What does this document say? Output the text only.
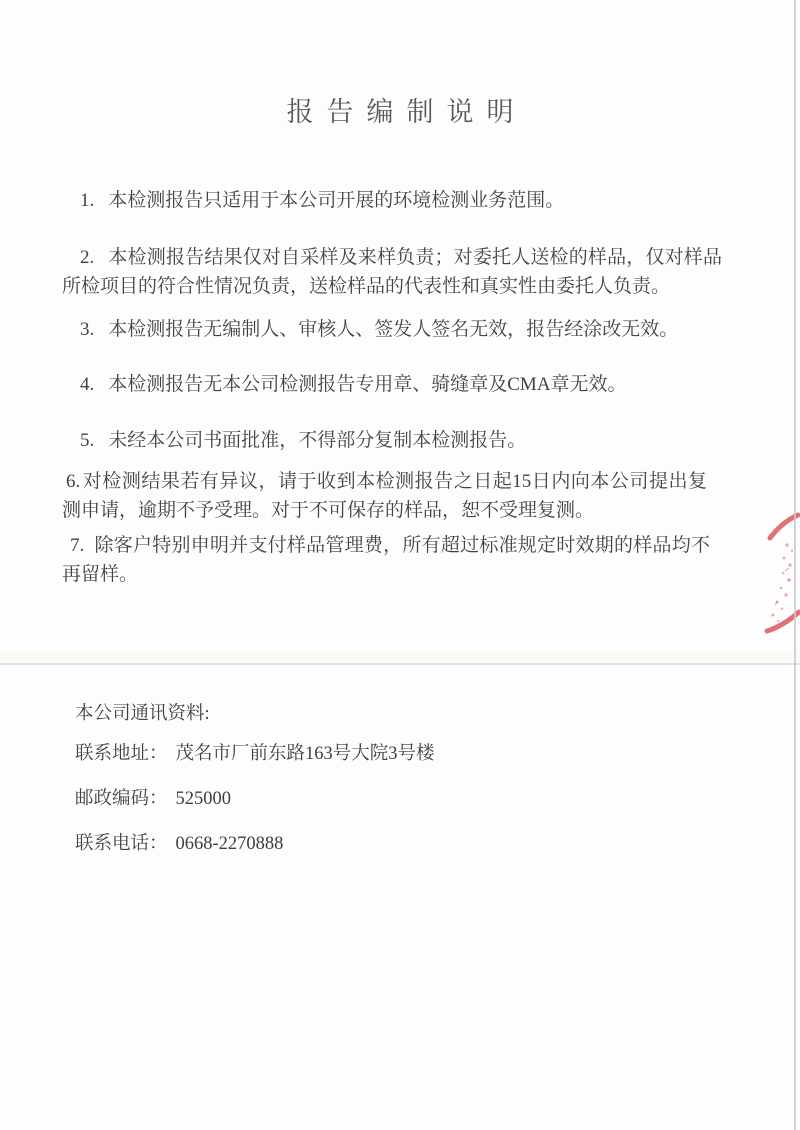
报告编制说明
1. 本检测报告只适用于本公司开展的环境检测业务范围。
2. 本检测报告结果仅对自采样及来样负责；对委托人送检的样品，仅对样品所检项目的符合性情况负责，送检样品的代表性和真实性由委托人负责。
3. 本检测报告无编制人、审核人、签发人签名无效，报告经涂改无效。
4. 本检测报告无本公司检测报告专用章、骑缝章及CMA章无效。
5. 未经本公司书面批准，不得部分复制本检测报告。
6. 对检测结果若有异议，请于收到本检测报告之日起15日内向本公司提出复测申请，逾期不予受理。对于不可保存的样品，恕不受理复测。
7. 除客户特别申明并支付样品管理费，所有超过标准规定时效期的样品均不再留样。
本公司通讯资料:
联系地址： 茂名市厂前东路163号大院3号楼
邮政编码： 525000
联系电话： 0668-2270888
